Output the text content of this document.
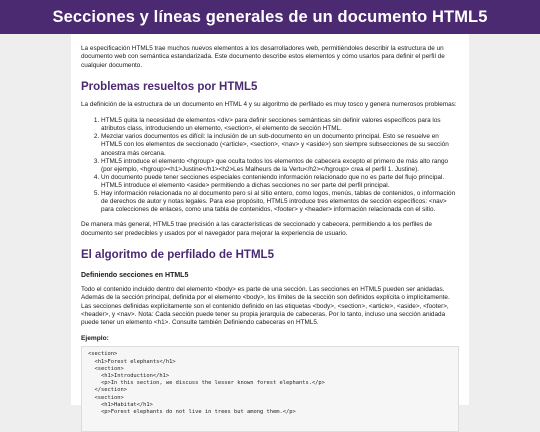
Secciones y líneas generales de un documento HTML5

La especificación HTML5 trae muchos nuevos elementos a los desarrolladores web, permitiéndoles describir la estructura de un documento web con semántica estandarizada. Este documento describe estos elementos y cómo usarlos para definir el perfil de cualquier documento.

Problemas resueltos por HTML5

La definición de la estructura de un documento en HTML 4 y su algoritmo de perfilado es muy tosco y genera numerosos problemas:

1. HTML5 quita la necesidad de elementos <div> para definir secciones semánticas sin definir valores específicos para los atributos class, introduciendo un elemento, <section>, el elemento de sección HTML.
2. Mezclar varios documentos es difícil: la inclusión de un sub-documento en un documento principal. Esto se resuelve en HTML5 con los elementos de seccionado (<article>, <section>, <nav> y <aside>) son siempre subsecciones de su sección ancestra más cercana.
3. HTML5 introduce el elemento <hgroup> que oculta todos los elementos de cabecera excepto el primero de más alto rango (por ejemplo, <hgroup><h1>Justine</h1><h2>Les Malheurs de la Vertu</h2></hgroup> crea el perfil 1. Justine).
4. Un documento puede tener secciones especiales conteniendo información relacionado que no es parte del flujo principal. HTML5 introduce el elemento <aside> permitiendo a dichas secciones no ser parte del perfil principal.
5. Hay información relacionada no al documento pero sí al sitio entero, como logos, menús, tablas de contenidos, o información de derechos de autor y notas legales. Para ese propósito, HTML5 introduce tres elementos de sección específicos: <nav> para colecciones de enlaces, como una tabla de contenidos, <footer> y <header> información relacionada con el sitio.

De manera más general, HTML5 trae precisión a las características de seccionado y cabecera, permitiendo a los perfiles de documento ser predecibles y usados por el navegador para mejorar la experiencia de usuario.

El algoritmo de perfilado de HTML5
Definiendo secciones en HTML5

Todo el contenido incluido dentro del elemento <body> es parte de una sección. Las secciones en HTML5 pueden ser anidadas. Además de la sección principal, definida por el elemento <body>, los límites de la sección son definidos explícita o implícitamente. Las secciones definidas explícitamente son el contenido definido en las etiquetas <body>, <section>, <article>, <aside>, <footer>, <header>, y <nav>. Nota: Cada sección puede tener su propia jerarquía de cabeceras. Por lo tanto, incluso una sección anidada puede tener un elemento <h1>. Consulte también Definiendo cabeceras en HTML5.

Ejemplo:
<section>
<h1>Forest elephants</h1>
<section>
<h1>Introduction</h1>
<p>In this section, we discuss the lesser known forest elephants.</p>
</section>
<section>
<h1>Habitat</h1>
<p>Forest elephants do not live in trees but among them.</p>
